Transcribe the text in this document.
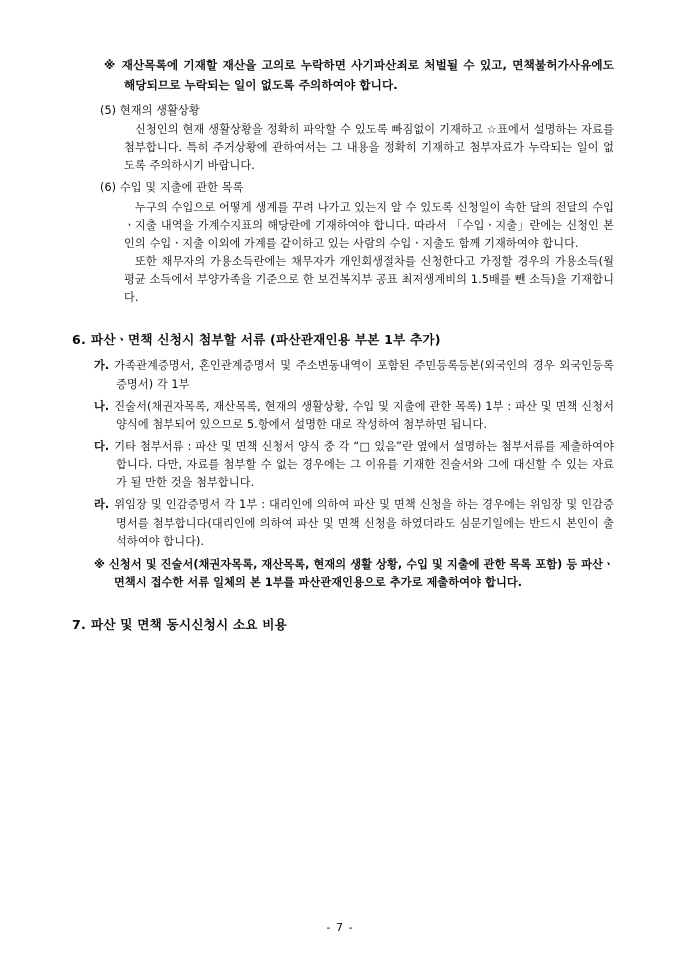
※ 재산목록에 기재할 재산을 고의로 누락하면 사기파산죄로 처벌될 수 있고, 면책불허가사유에도 해당되므로 누락되는 일이 없도록 주의하여야 합니다.
(5) 현재의 생활상황
신청인의 현재 생활상황을 정확히 파악할 수 있도록 빠짐없이 기재하고 ☆표에서 설명하는 자료를 첨부합니다. 특히 주거상황에 관하여서는 그 내용을 정확히 기재하고 첨부자료가 누락되는 일이 없도록 주의하시기 바랍니다.
(6) 수입 및 지출에 관한 목록
누구의 수입으로 어떻게 생계를 꾸려 나가고 있는지 알 수 있도록 신청일이 속한 달의 전달의 수입ㆍ지출 내역을 가계수지표의 해당란에 기재하여야 합니다. 따라서 「수입ㆍ지출」란에는 신청인 본인의 수입ㆍ지출 이외에 가계를 같이하고 있는 사람의 수입ㆍ지출도 함께 기재하여야 합니다.
또한 채무자의 가용소득란에는 채무자가 개인회생절차를 신청한다고 가정할 경우의 가용소득(월 평균 소득에서 부양가족을 기준으로 한 보건복지부 공표 최저생계비의 1.5배를 뺀 소득)을 기재합니다.
6. 파산ㆍ면책 신청시 첨부할 서류 (파산관재인용 부본 1부 추가)
가. 가족관계증명서, 혼인관계증명서 및 주소변동내역이 포함된 주민등록등본(외국인의 경우 외국인등록증명서) 각 1부
나. 진술서(채권자목록, 재산목록, 현재의 생활상황, 수입 및 지출에 관한 목록) 1부 : 파산 및 면책 신청서 양식에 첨부되어 있으므로 5.항에서 설명한 대로 작성하여 첨부하면 됩니다.
다. 기타 첨부서류 : 파산 및 면책 신청서 양식 중 각 “□ 있음”란 옆에서 설명하는 첨부서류를 제출하여야 합니다. 다만, 자료를 첨부할 수 없는 경우에는 그 이유를 기재한 진술서와 그에 대신할 수 있는 자료가 될 만한 것을 첨부합니다.
라. 위임장 및 인감증명서 각 1부 : 대리인에 의하여 파산 및 면책 신청을 하는 경우에는 위임장 및 인감증명서를 첨부합니다(대리인에 의하여 파산 및 면책 신청을 하였더라도 심문기일에는 반드시 본인이 출석하여야 합니다).
※ 신청서 및 진술서(채권자목록, 재산목록, 현재의 생활 상황, 수입 및 지출에 관한 목록 포함) 등 파산ㆍ면책시 접수한 서류 일체의 본 1부를 파산관재인용으로 추가로 제출하여야 합니다.
7. 파산 및 면책 동시신청시 소요 비용
- 7 -
